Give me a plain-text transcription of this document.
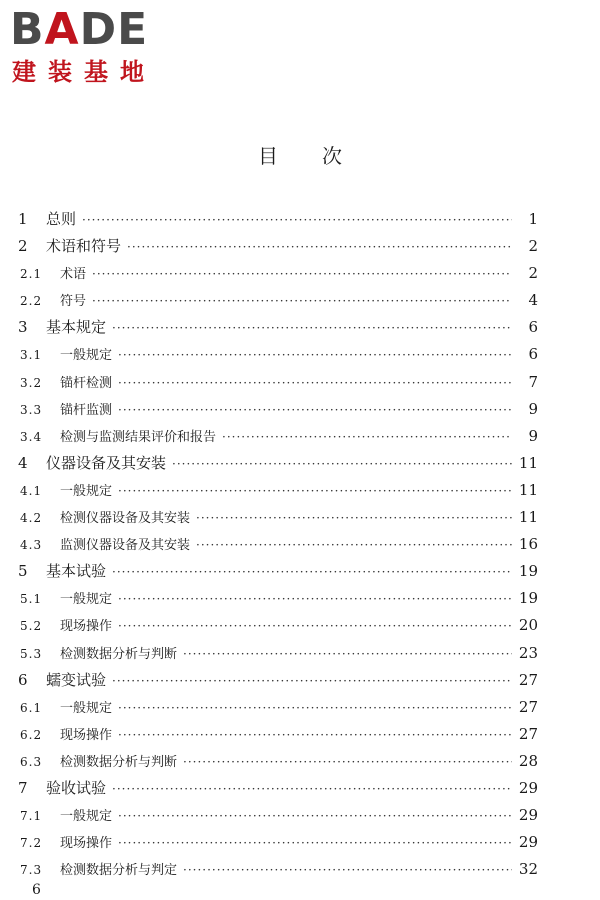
BADE
建装基地
目次
1	总则 ·····	1
2	术语和符号 ·····	2
2.1	术语 ·····	2
2.2	符号 ·····	4
3	基本规定 ·····	6
3.1	一般规定 ·····	6
3.2	锚杆检测 ·····	7
3.3	锚杆监测 ·····	9
3.4	检测与监测结果评价和报告 ·····	9
4	仪器设备及其安装 ·····	11
4.1	一般规定 ·····	11
4.2	检测仪器设备及其安装 ·····	11
4.3	监测仪器设备及其安装 ·····	16
5	基本试验 ·····	19
5.1	一般规定 ·····	19
5.2	现场操作 ·····	20
5.3	检测数据分析与判断 ·····	23
6	蠕变试验 ·····	27
6.1	一般规定 ·····	27
6.2	现场操作 ·····	27
6.3	检测数据分析与判断 ·····	28
7	验收试验 ·····	29
7.1	一般规定 ·····	29
7.2	现场操作 ·····	29
7.3	检测数据分析与判定 ·····	32
6
